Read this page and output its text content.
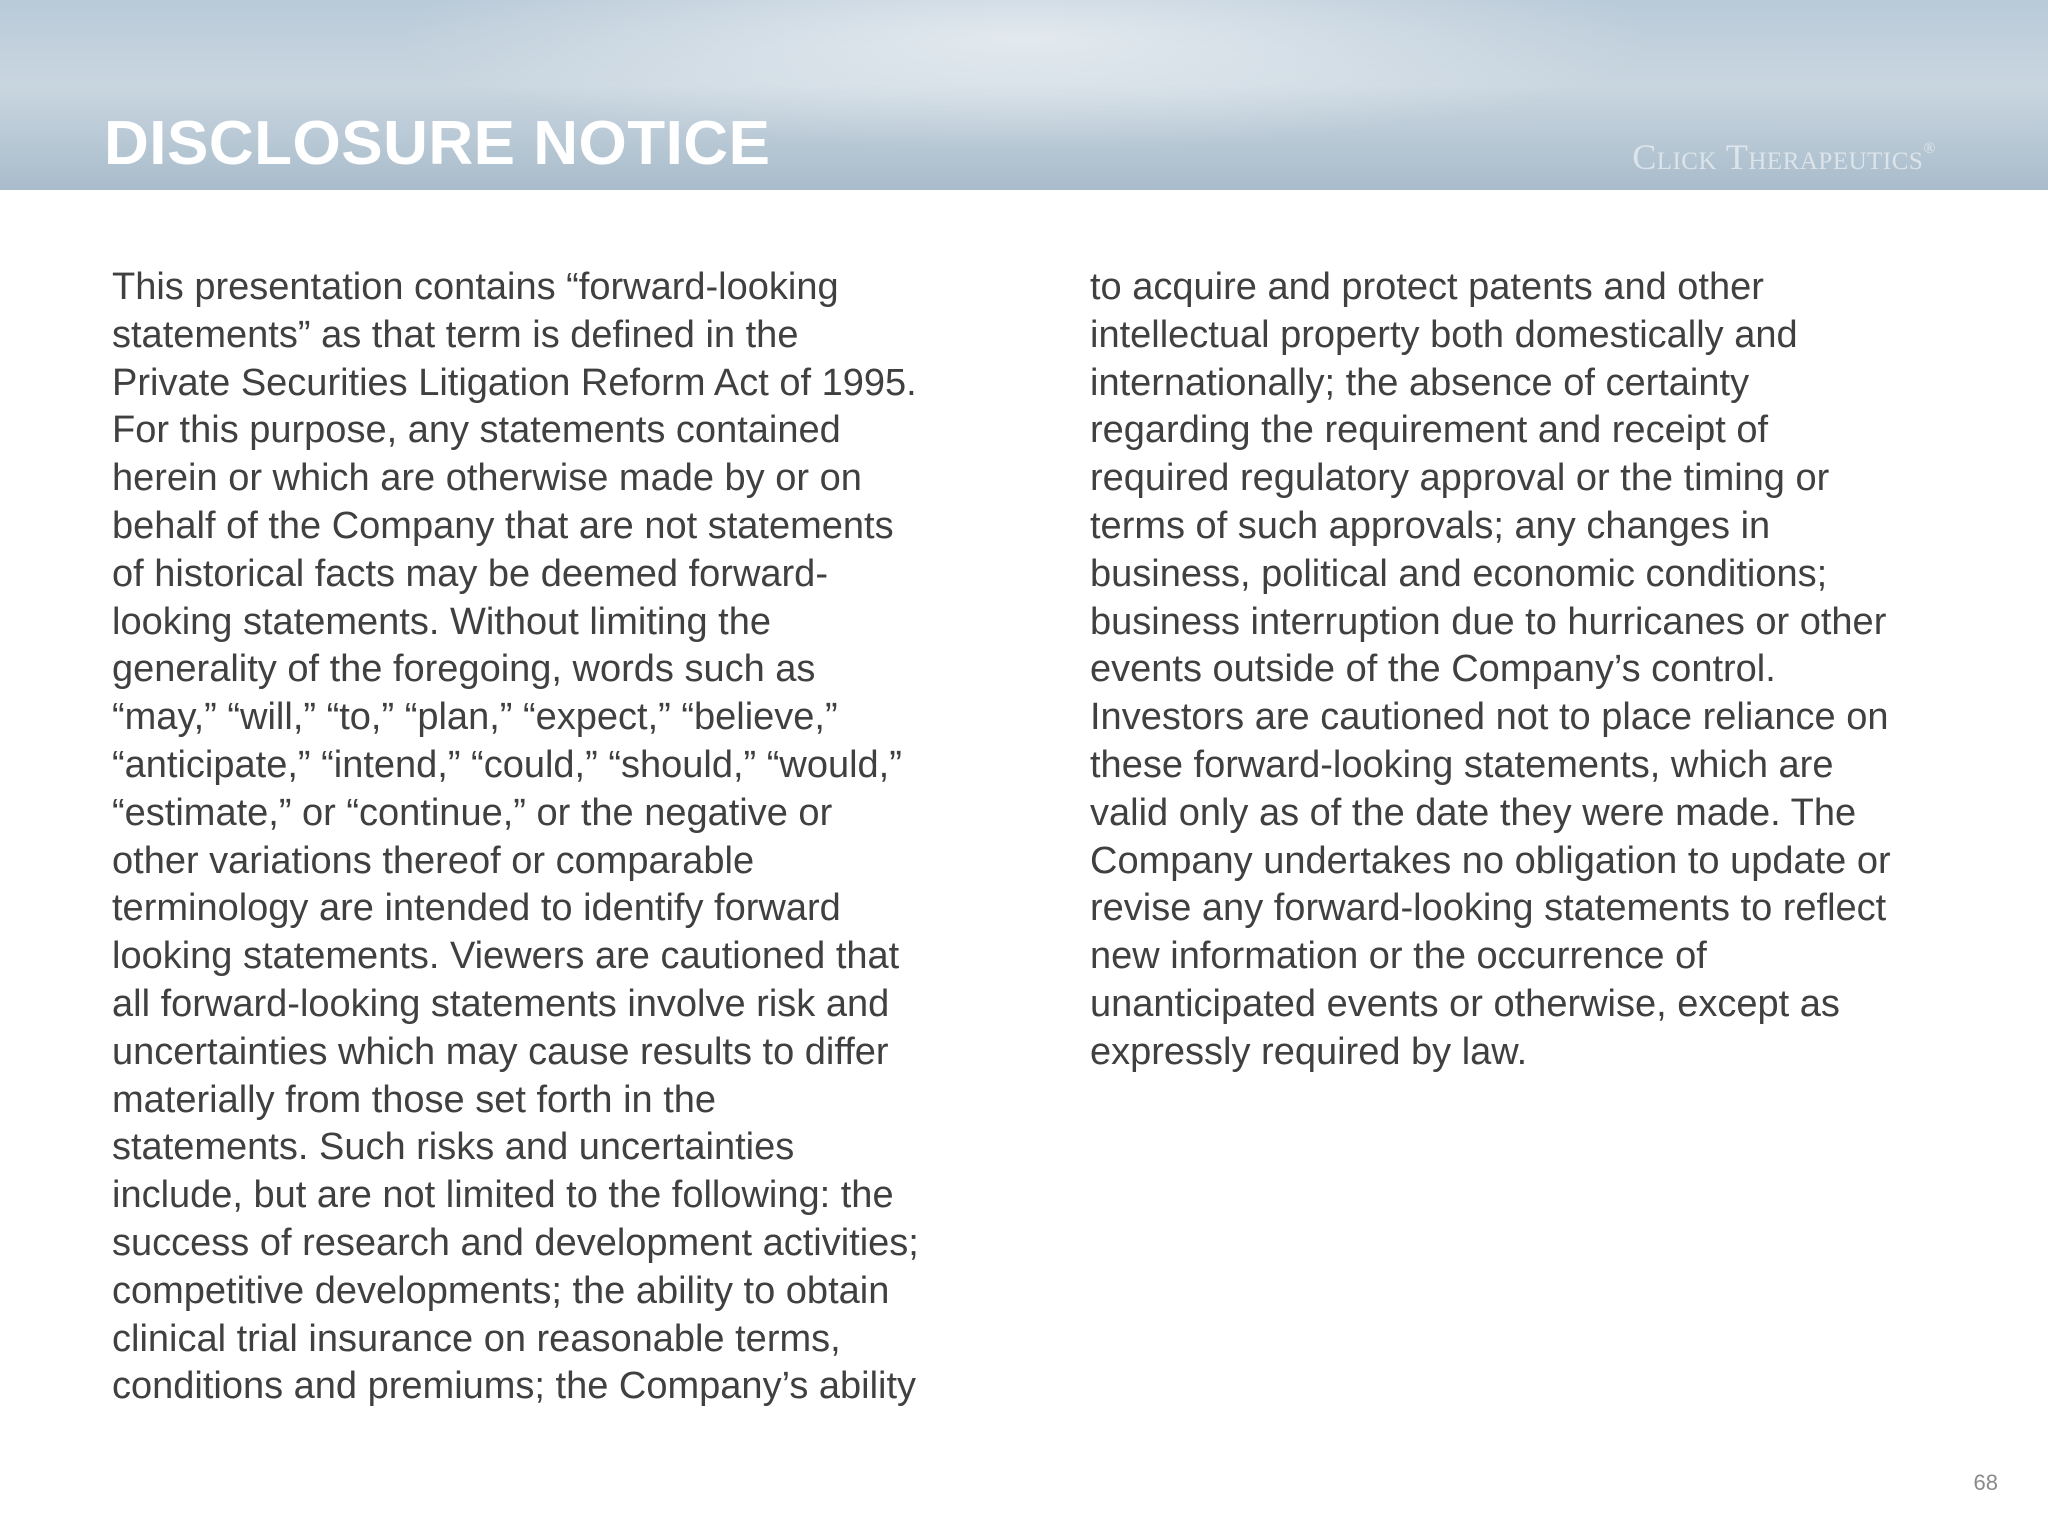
DISCLOSURE NOTICE	Click Therapeutics®
This presentation contains “forward-looking
statements” as that term is defined in the
Private Securities Litigation Reform Act of 1995.
For this purpose, any statements contained
herein or which are otherwise made by or on
behalf of the Company that are not statements
of historical facts may be deemed forward-
looking statements. Without limiting the
generality of the foregoing, words such as
“may,” “will,” “to,” “plan,” “expect,” “believe,”
“anticipate,” “intend,” “could,” “should,” “would,”
“estimate,” or “continue,” or the negative or
other variations thereof or comparable
terminology are intended to identify forward
looking statements. Viewers are cautioned that
all forward-looking statements involve risk and
uncertainties which may cause results to differ
materially from those set forth in the
statements. Such risks and uncertainties
include, but are not limited to the following: the
success of research and development activities;
competitive developments; the ability to obtain
clinical trial insurance on reasonable terms,
conditions and premiums; the Company’s ability
to acquire and protect patents and other
intellectual property both domestically and
internationally; the absence of certainty
regarding the requirement and receipt of
required regulatory approval or the timing or
terms of such approvals; any changes in
business, political and economic conditions;
business interruption due to hurricanes or other
events outside of the Company’s control.
Investors are cautioned not to place reliance on
these forward-looking statements, which are
valid only as of the date they were made. The
Company undertakes no obligation to update or
revise any forward-looking statements to reflect
new information or the occurrence of
unanticipated events or otherwise, except as
expressly required by law.
68
